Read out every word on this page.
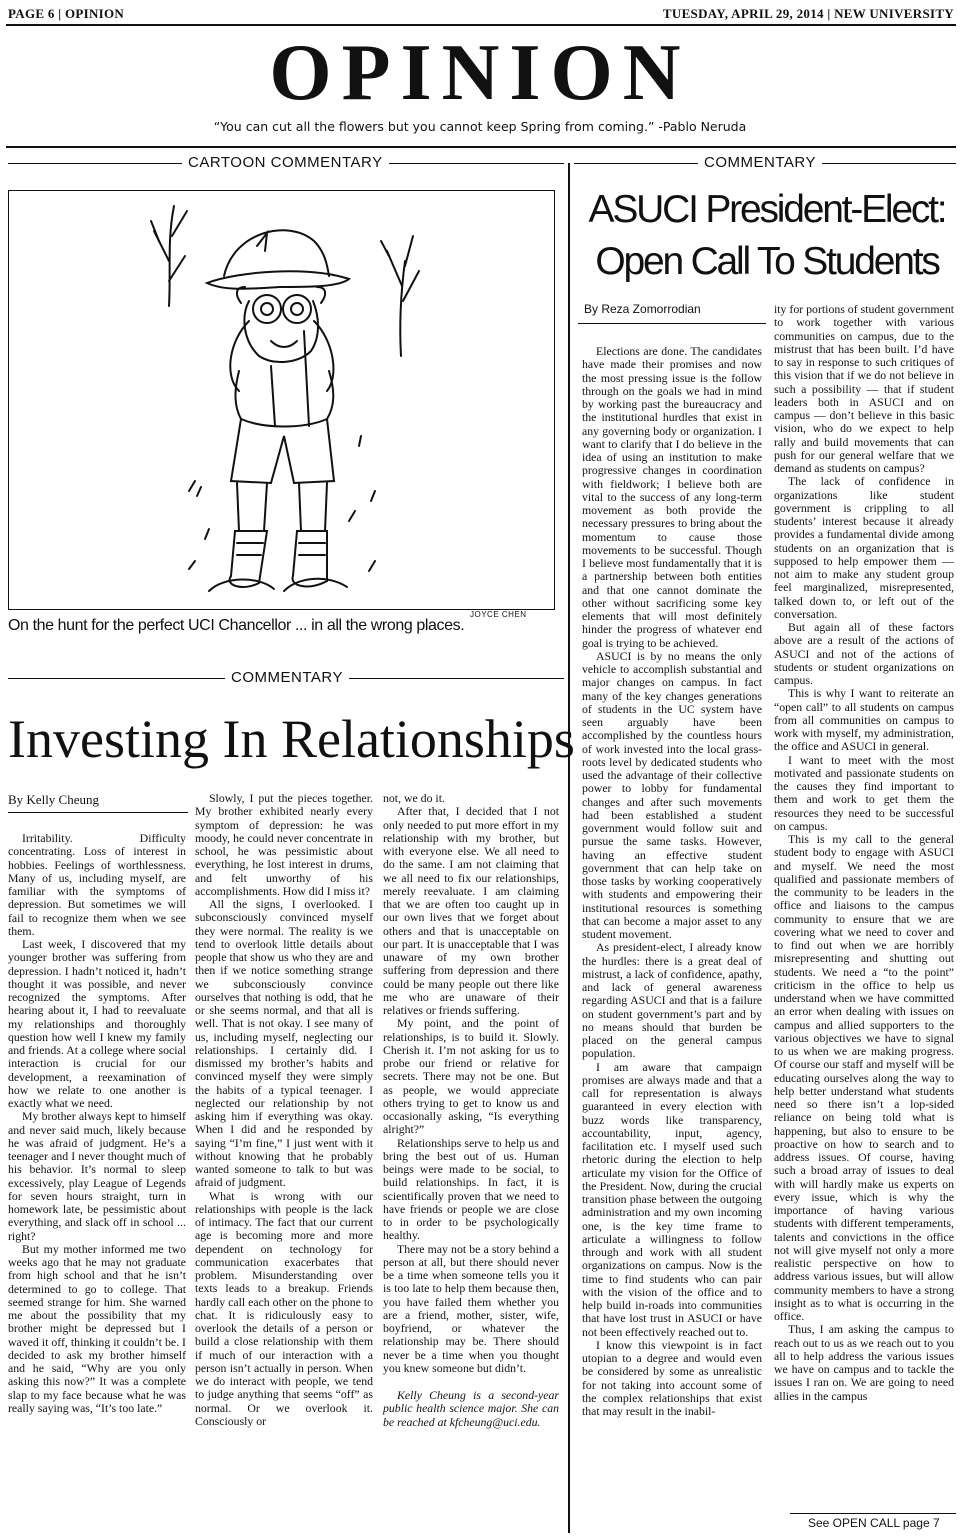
PAGE 6 | OPINION	TUESDAY, APRIL 29, 2014 | NEW UNIVERSITY
OPINION
“You can cut all the flowers but you cannot keep Spring from coming.” -Pablo Neruda
CARTOON COMMENTARY	COMMENTARY
JOYCE CHEN
On the hunt for the perfect UCI Chancellor ... in all the wrong places.
COMMENTARY
Investing In Relationships
By Kelly Cheung

Irritability. Difficulty concentrating. Loss of interest in hobbies. Feelings of worthlessness. Many of us, including myself, are familiar with the symptoms of depression. But sometimes we will fail to recognize them when we see them.

Last week, I discovered that my younger brother was suffering from depression. I hadn’t noticed it, hadn’t thought it was possible, and never recognized the symptoms. After hearing about it, I had to reevaluate my relationships and thoroughly question how well I knew my family and friends. At a college where social interaction is crucial for our development, a reexamination of how we relate to one another is exactly what we need.

My brother always kept to himself and never said much, likely because he was afraid of judgment. He’s a teenager and I never thought much of his behavior. It’s normal to sleep excessively, play League of Legends for seven hours straight, turn in homework late, be pessimistic about everything, and slack off in school ... right?

But my mother informed me two weeks ago that he may not graduate from high school and that he isn’t determined to go to college. That seemed strange for him. She warned me about the possibility that my brother might be depressed but I waved it off, thinking it couldn’t be. I decided to ask my brother himself and he said, “Why are you only asking this now?” It was a complete slap to my face because what he was really saying was, “It’s too late.”

Slowly, I put the pieces together. My brother exhibited nearly every symptom of depression: he was moody, he could never concentrate in school, he was pessimistic about everything, he lost interest in drums, and felt unworthy of his accomplishments. How did I miss it?

All the signs, I overlooked. I subconsciously convinced myself they were normal. The reality is we tend to overlook little details about people that show us who they are and then if we notice something strange we subconsciously convince ourselves that nothing is odd, that he or she seems normal, and that all is well. That is not okay. I see many of us, including myself, neglecting our relationships. I certainly did. I dismissed my brother’s habits and convinced myself they were simply the habits of a typical teenager. I neglected our relationship by not asking him if everything was okay. When I did and he responded by saying “I’m fine,” I just went with it without knowing that he probably wanted someone to talk to but was afraid of judgment.

What is wrong with our relationships with people is the lack of intimacy. The fact that our current age is becoming more and more dependent on technology for communication exacerbates that problem. Misunderstanding over texts leads to a breakup. Friends hardly call each other on the phone to chat. It is ridiculously easy to overlook the details of a person or build a close relationship with them if much of our interaction with a person isn’t actually in person. When we do interact with people, we tend to judge anything that seems “off” as normal. Or we overlook it. Consciously or

not, we do it.

After that, I decided that I not only needed to put more effort in my relationship with my brother, but with everyone else. We all need to do the same. I am not claiming that we all need to fix our relationships, merely reevaluate. I am claiming that we are often too caught up in our own lives that we forget about others and that is unacceptable on our part. It is unacceptable that I was unaware of my own brother suffering from depression and there could be many people out there like me who are unaware of their relatives or friends suffering.

My point, and the point of relationships, is to build it. Slowly. Cherish it. I’m not asking for us to probe our friend or relative for secrets. There may not be one. But as people, we would appreciate others trying to get to know us and occasionally asking, “Is everything alright?”

Relationships serve to help us and bring the best out of us. Human beings were made to be social, to build relationships. In fact, it is scientifically proven that we need to have friends or people we are close to in order to be psychologically healthy.

There may not be a story behind a person at all, but there should never be a time when someone tells you it is too late to help them because then, you have failed them whether you are a friend, mother, sister, wife, boyfriend, or whatever the relationship may be. There should never be a time when you thought you knew someone but didn’t.

Kelly Cheung is a second-year public health science major. She can be reached at kfcheung@uci.edu.

ASUCI President-Elect:
Open Call To Students
By Reza Zomorrodian

Elections are done. The candidates have made their promises and now the most pressing issue is the follow through on the goals we had in mind by working past the bureaucracy and the institutional hurdles that exist in any governing body or organization. I want to clarify that I do believe in the idea of using an institution to make progressive changes in coordination with fieldwork; I believe both are vital to the success of any long-term movement as both provide the necessary pressures to bring about the momentum to cause those movements to be successful. Though I believe most fundamentally that it is a partnership between both entities and that one cannot dominate the other without sacrificing some key elements that will most definitely hinder the progress of whatever end goal is trying to be achieved.

ASUCI is by no means the only vehicle to accomplish substantial and major changes on campus. In fact many of the key changes generations of students in the UC system have seen arguably have been accomplished by the countless hours of work invested into the local grass-roots level by dedicated students who used the advantage of their collective power to lobby for fundamental changes and after such movements had been established a student government would follow suit and pursue the same tasks. However, having an effective student government that can help take on those tasks by working cooperatively with students and empowering their institutional resources is something that can become a major asset to any student movement.

As president-elect, I already know the hurdles: there is a great deal of mistrust, a lack of confidence, apathy, and lack of general awareness regarding ASUCI and that is a failure on student government’s part and by no means should that burden be placed on the general campus population.

I am aware that campaign promises are always made and that a call for representation is always guaranteed in every election with buzz words like transparency, accountability, input, agency, facilitation etc. I myself used such rhetoric during the election to help articulate my vision for the Office of the President. Now, during the crucial transition phase between the outgoing administration and my own incoming one, is the key time frame to articulate a willingness to follow through and work with all student organizations on campus. Now is the time to find students who can pair with the vision of the office and to help build in-roads into communities that have lost trust in ASUCI or have not been effectively reached out to.

I know this viewpoint is in fact utopian to a degree and would even be considered by some as unrealistic for not taking into account some of the complex relationships that exist that may result in the inabil-

ity for portions of student government to work together with various communities on campus, due to the mistrust that has been built. I’d have to say in response to such critiques of this vision that if we do not believe in such a possibility — that if student leaders both in ASUCI and on campus — don’t believe in this basic vision, who do we expect to help rally and build movements that can push for our general welfare that we demand as students on campus?

The lack of confidence in organizations like student government is crippling to all students’ interest because it already provides a fundamental divide among students on an organization that is supposed to help empower them — not aim to make any student group feel marginalized, misrepresented, talked down to, or left out of the conversation.

But again all of these factors above are a result of the actions of ASUCI and not of the actions of students or student organizations on campus.

This is why I want to reiterate an “open call” to all students on campus from all communities on campus to work with myself, my administration, the office and ASUCI in general.

I want to meet with the most motivated and passionate students on the causes they find important to them and work to get them the resources they need to be successful on campus.

This is my call to the general student body to engage with ASUCI and myself. We need the most qualified and passionate members of the community to be leaders in the office and liaisons to the campus community to ensure that we are covering what we need to cover and to find out when we are horribly misrepresenting and shutting out students. We need a “to the point” criticism in the office to help us understand when we have committed an error when dealing with issues on campus and allied supporters to the various objectives we have to signal to us when we are making progress. Of course our staff and myself will be educating ourselves along the way to help better understand what students need so there isn’t a lop-sided reliance on being told what is happening, but also to ensure to be proactive on how to search and to address issues. Of course, having such a broad array of issues to deal with will hardly make us experts on every issue, which is why the importance of having various students with different temperaments, talents and convictions in the office not will give myself not only a more realistic perspective on how to address various issues, but will allow community members to have a strong insight as to what is occurring in the office.

Thus, I am asking the campus to reach out to us as we reach out to you all to help address the various issues we have on campus and to tackle the issues I ran on. We are going to need allies in the campus

See OPEN CALL page 7
